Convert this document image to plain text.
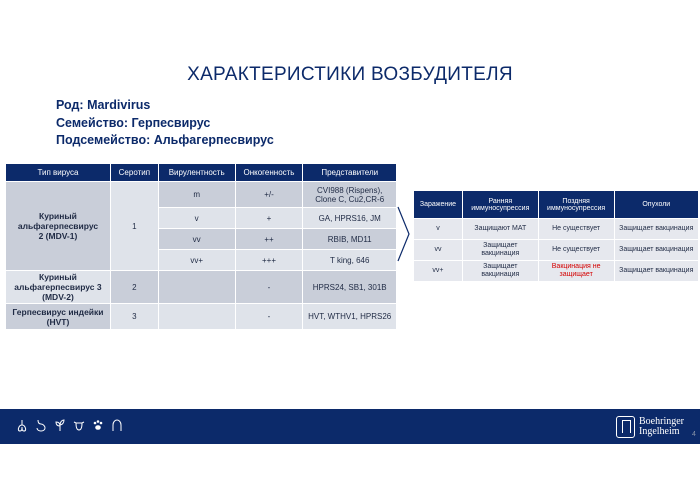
ХАРАКТЕРИСТИКИ ВОЗБУДИТЕЛЯ
Род: Mardivirus
Семейство: Герпесвирус
Подсемейство: Альфагерпесвирус
Тип вируса	Серотип	Вирулентность	Онкогенность	Представители
Куриный альфагерпесвирус 2 (MDV-1)	1	m	+/-	CVI988 (Rispens), Clone C, Cu2,CR-6
		v	+	GA, HPRS16, JM
		vv	++	RBIB, MD11
		vv+	+++	T king, 646
Куриный альфагерпесвирус 3 (MDV-2)	2		-	HPRS24, SB1, 301B
Герпесвирус индейки (HVT)	3		-	HVT, WTHV1, HPRS26
Заражение	Ранняя иммуносупрессия	Поздняя иммуносупрессия	Опухоли
v	Защищают МАТ	Не существует	Защищает вакцинация
vv	Защищает вакцинация	Не существует	Защищает вакцинация
vv+	Защищает вакцинация	Вакцинация не защищает	Защищает вакцинация
Boehringer
Ingelheim	4
